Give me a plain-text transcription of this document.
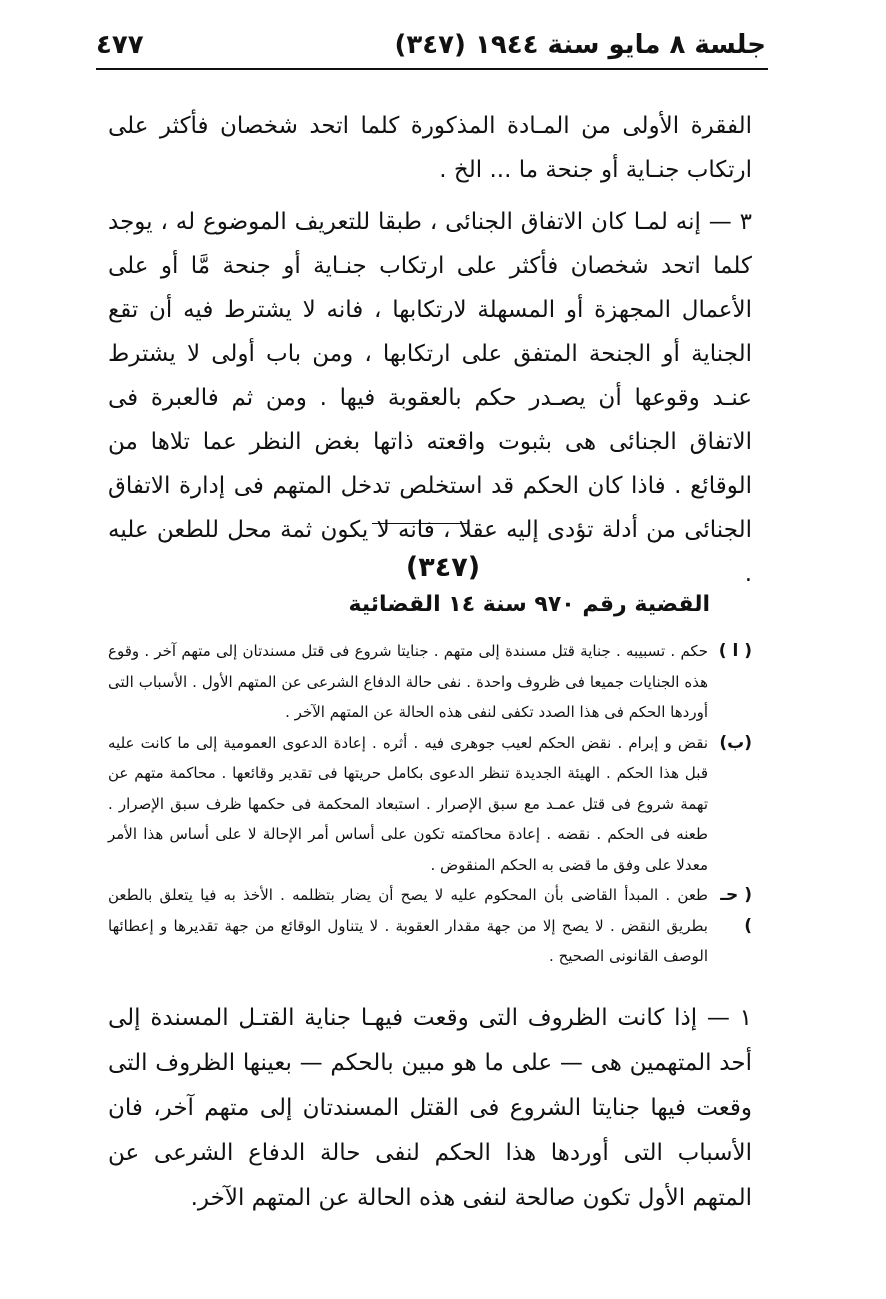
جلسة ٨ مايو سنة ١٩٤٤ (٣٤٧)
٤٧٧

الفقرة الأولى من المـادة المذكورة كلما اتحد شخصان فأكثر على ارتكاب جنـاية أو جنحة ما ... الخ .

٣ — إنه لمـا كان الاتفاق الجنائى ، طبقا للتعريف الموضوع له ، يوجد كلما اتحد شخصان فأكثر على ارتكاب جنـاية أو جنحة مَّا أو على الأعمال المجهزة أو المسهلة لارتكابها ، فانه لا يشترط فيه أن تقع الجناية أو الجنحة المتفق على ارتكابها ، ومن باب أولى لا يشترط عنـد وقوعها أن يصـدر حكم بالعقوبة فيها . ومن ثم فالعبرة فى الاتفاق الجنائى هى بثبوت واقعته ذاتها بغض النظر عما تلاها من الوقائع . فاذا كان الحكم قد استخلص تدخل المتهم فى إدارة الاتفاق الجنائى من أدلة تؤدى إليه عقلا ، فانه لا يكون ثمة محل للطعن عليه .

(٣٤٧)
القضية رقم ٩٧٠ سنة ١٤ القضائية
( ا )
حكم . تسبيبه . جناية قتل مسندة إلى متهم . جنايتا شروع فى قتل مسندتان إلى متهم آخر . وقوع هذه الجنايات جميعا فى ظروف واحدة . نفى حالة الدفاع الشرعى عن المتهم الأول . الأسباب التى أوردها الحكم فى هذا الصدد تكفى لنفى هذه الحالة عن المتهم الآخر .
(ب)
نقض و إبرام . نقض الحكم لعيب جوهرى فيه . أثره . إعادة الدعوى العمومية إلى ما كانت عليه قبل هذا الحكم . الهيئة الجديدة تنظر الدعوى بكامل حريتها فى تقدير وقائعها . محاكمة متهم عن تهمة شروع فى قتل عمـد مع سبق الإصرار . استبعاد المحكمة فى حكمها ظرف سبق الإصرار . طعنه فى الحكم . نقضه . إعادة محاكمته تكون على أساس أمر الإحالة لا على أساس هذا الأمر معدلا على وفق ما قضى به الحكم المنقوض .
( حـ )
طعن . المبدأ القاضى بأن المحكوم عليه لا يصح أن يضار بتظلمه . الأخذ به فيا يتعلق بالطعن بطريق النقض . لا يصح إلا من جهة مقدار العقوبة . لا يتناول الوقائع من جهة تقديرها و إعطائها الوصف القانونى الصحيح .

١ — إذا كانت الظروف التى وقعت فيهـا جناية القتـل المسندة إلى أحد المتهمين هى — على ما هو مبين بالحكم — بعينها الظروف التى وقعت فيها جنايتا الشروع فى القتل المسندتان إلى متهم آخر، فان الأسباب التى أوردها هذا الحكم لنفى حالة الدفاع الشرعى عن المتهم الأول تكون صالحة لنفى هذه الحالة عن المتهم الآخر.
